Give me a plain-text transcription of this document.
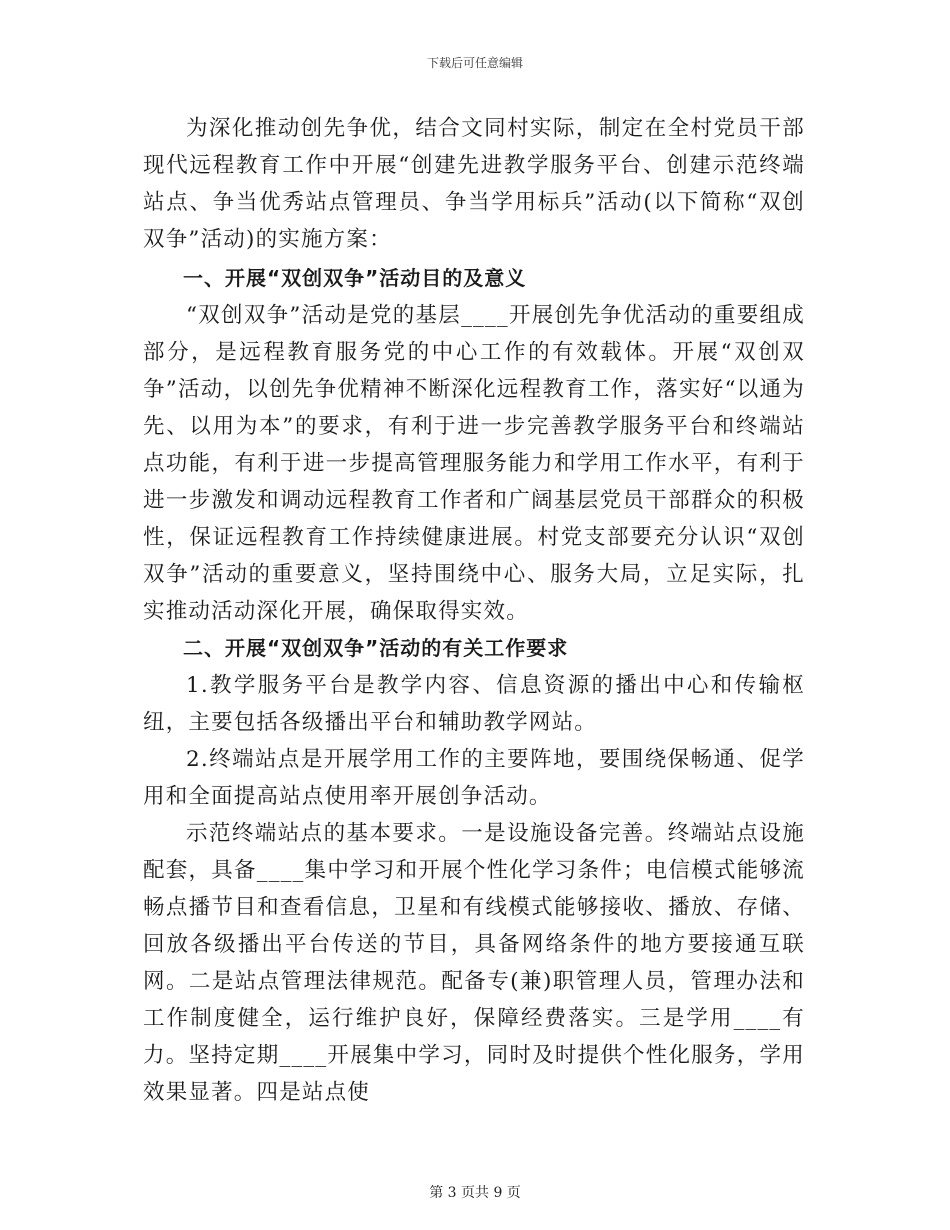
下载后可任意编辑

为深化推动创先争优，结合文同村实际，制定在全村党员干部现代远程教育工作中开展“创建先进教学服务平台、创建示范终端站点、争当优秀站点管理员、争当学用标兵”活动(以下简称“双创双争”活动)的实施方案：

一、开展“双创双争”活动目的及意义

“双创双争”活动是党的基层____开展创先争优活动的重要组成部分，是远程教育服务党的中心工作的有效载体。开展“双创双争”活动，以创先争优精神不断深化远程教育工作，落实好“以通为先、以用为本”的要求，有利于进一步完善教学服务平台和终端站点功能，有利于进一步提高管理服务能力和学用工作水平，有利于进一步激发和调动远程教育工作者和广阔基层党员干部群众的积极性，保证远程教育工作持续健康进展。村党支部要充分认识“双创双争”活动的重要意义，坚持围绕中心、服务大局，立足实际，扎实推动活动深化开展，确保取得实效。

二、开展“双创双争”活动的有关工作要求

1.教学服务平台是教学内容、信息资源的播出中心和传输枢纽，主要包括各级播出平台和辅助教学网站。

2.终端站点是开展学用工作的主要阵地，要围绕保畅通、促学用和全面提高站点使用率开展创争活动。

示范终端站点的基本要求。一是设施设备完善。终端站点设施配套，具备____集中学习和开展个性化学习条件；电信模式能够流畅点播节目和查看信息，卫星和有线模式能够接收、播放、存储、回放各级播出平台传送的节目，具备网络条件的地方要接通互联网。二是站点管理法律规范。配备专(兼)职管理人员，管理办法和工作制度健全，运行维护良好，保障经费落实。三是学用____有力。坚持定期____开展集中学习，同时及时提供个性化服务，学用效果显著。四是站点使

第 3 页共 9 页
